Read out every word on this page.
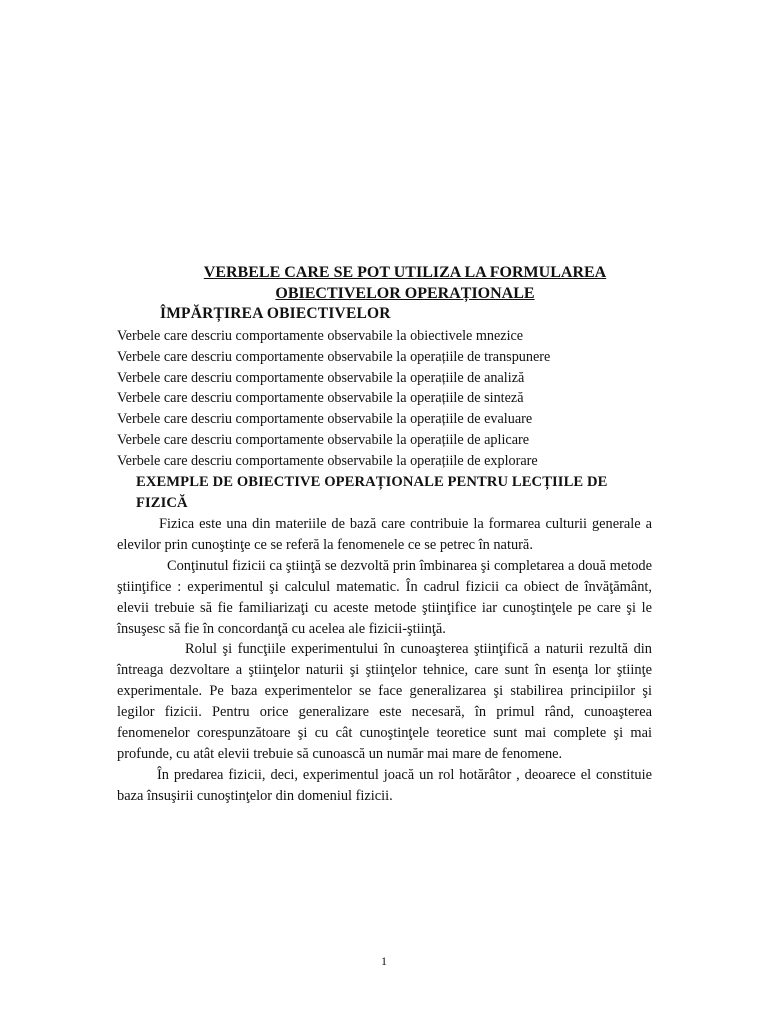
VERBELE CARE SE POT UTILIZA LA FORMULAREA
OBIECTIVELOR OPERAȚIONALE
ÎMPĂRȚIREA OBIECTIVELOR
Verbele care descriu comportamente observabile la obiectivele mnezice
Verbele care descriu comportamente observabile la operațiile de transpunere
Verbele care descriu comportamente observabile la operațiile de analiză
Verbele care descriu comportamente observabile la operațiile de sinteză
Verbele care descriu comportamente observabile la operațiile de evaluare
Verbele care descriu comportamente observabile la operațiile de aplicare
Verbele care descriu comportamente observabile la operațiile de explorare
EXEMPLE DE OBIECTIVE OPERAȚIONALE PENTRU LECȚIILE DE FIZICĂ

Fizica este una din materiile de bază care contribuie la formarea culturii generale a elevilor prin cunoştinţe ce se referă la fenomenele ce se petrec în natură.

Conţinutul fizicii ca ştiinţă se dezvoltă prin îmbinarea şi completarea a două metode ştiinţifice : experimentul şi calculul matematic. În cadrul fizicii ca obiect de învăţământ, elevii trebuie să fie familiarizaţi cu aceste metode ştiinţifice iar cunoştinţele pe care şi le însuşesc să fie în concordanţă cu acelea ale fizicii-ştiinţă.

Rolul şi funcţiile experimentului în cunoaşterea ştiinţifică a naturii rezultă din întreaga dezvoltare a ştiinţelor naturii şi ştiinţelor tehnice, care sunt în esenţa lor ştiinţe experimentale. Pe baza experimentelor se face generalizarea şi stabilirea principiilor şi legilor fizicii. Pentru orice generalizare este necesară, în primul rând, cunoaşterea fenomenelor corespunzătoare şi cu cât cunoştinţele teoretice sunt mai complete şi mai profunde, cu atât elevii trebuie să cunoască un număr mai mare de fenomene.

În predarea fizicii, deci, experimentul joacă un rol hotărâtor , deoarece el constituie baza însuşirii cunoştinţelor din domeniul fizicii.

1
